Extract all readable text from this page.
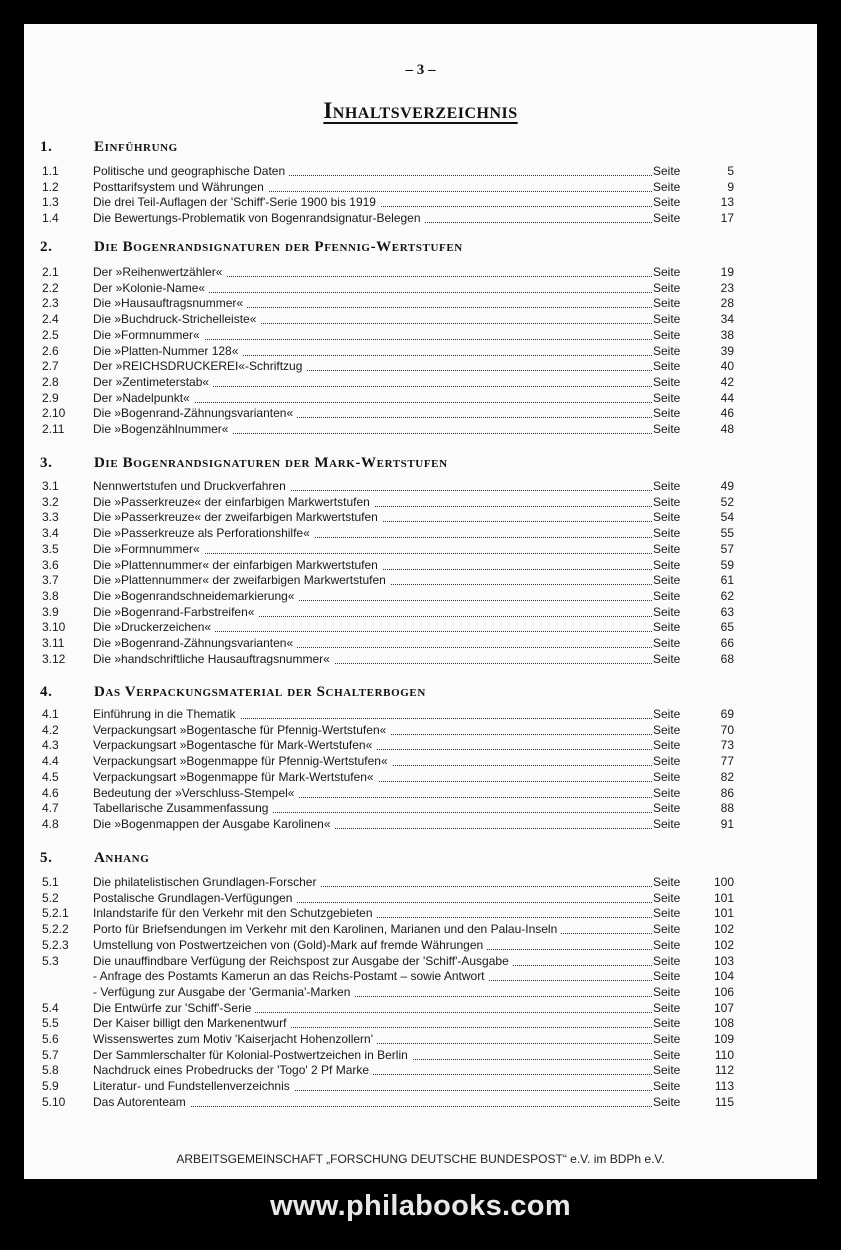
– 3 –
Inhaltsverzeichnis
1.	Einführung
1.1	Politische und geographische Daten	Seite	5
1.2	Posttarifsystem und Währungen	Seite	9
1.3	Die drei Teil-Auflagen der 'Schiff'-Serie 1900 bis 1919	Seite	13
1.4	Die Bewertungs-Problematik von Bogenrandsignatur-Belegen	Seite	17
2.	Die Bogenrandsignaturen der Pfennig-Wertstufen
2.1	Der »Reihenwertzähler«	Seite	19
2.2	Der »Kolonie-Name«	Seite	23
2.3	Die »Hausauftragsnummer«	Seite	28
2.4	Die »Buchdruck-Strichelleiste«	Seite	34
2.5	Die »Formnummer«	Seite	38
2.6	Die »Platten-Nummer 128«	Seite	39
2.7	Der »REICHSDRUCKEREI«-Schriftzug	Seite	40
2.8	Der »Zentimeterstab«	Seite	42
2.9	Der »Nadelpunkt«	Seite	44
2.10	Die »Bogenrand-Zähnungsvarianten«	Seite	46
2.11	Die »Bogenzählnummer«	Seite	48
3.	Die Bogenrandsignaturen der Mark-Wertstufen
3.1	Nennwertstufen und Druckverfahren	Seite	49
3.2	Die »Passerkreuze« der einfarbigen Markwertstufen	Seite	52
3.3	Die »Passerkreuze« der zweifarbigen Markwertstufen	Seite	54
3.4	Die »Passerkreuze als Perforationshilfe«	Seite	55
3.5	Die »Formnummer«	Seite	57
3.6	Die »Plattennummer« der einfarbigen Markwertstufen	Seite	59
3.7	Die »Plattennummer« der zweifarbigen Markwertstufen	Seite	61
3.8	Die »Bogenrandschneidemarkierung«	Seite	62
3.9	Die »Bogenrand-Farbstreifen«	Seite	63
3.10	Die »Druckerzeichen«	Seite	65
3.11	Die »Bogenrand-Zähnungsvarianten«	Seite	66
3.12	Die »handschriftliche Hausauftragsnummer«	Seite	68
4.	Das Verpackungsmaterial der Schalterbogen
4.1	Einführung in die Thematik	Seite	69
4.2	Verpackungsart »Bogentasche für Pfennig-Wertstufen«	Seite	70
4.3	Verpackungsart »Bogentasche für Mark-Wertstufen«	Seite	73
4.4	Verpackungsart »Bogenmappe für Pfennig-Wertstufen«	Seite	77
4.5	Verpackungsart »Bogenmappe für Mark-Wertstufen«	Seite	82
4.6	Bedeutung der »Verschluss-Stempel«	Seite	86
4.7	Tabellarische Zusammenfassung	Seite	88
4.8	Die »Bogenmappen der Ausgabe Karolinen«	Seite	91
5.	Anhang
5.1	Die philatelistischen Grundlagen-Forscher	Seite	100
5.2	Postalische Grundlagen-Verfügungen	Seite	101
5.2.1	Inlandstarife für den Verkehr mit den Schutzgebieten	Seite	101
5.2.2	Porto für Briefsendungen im Verkehr mit den Karolinen, Marianen und den Palau-Inseln	Seite	102
5.2.3	Umstellung von Postwertzeichen von (Gold)-Mark auf fremde Währungen	Seite	102
5.3	Die unauffindbare Verfügung der Reichspost zur Ausgabe der 'Schiff'-Ausgabe	Seite	103
- Anfrage des Postamts Kamerun an das Reichs-Postamt – sowie Antwort	Seite	104
- Verfügung zur Ausgabe der 'Germania'-Marken	Seite	106
5.4	Die Entwürfe zur 'Schiff'-Serie	Seite	107
5.5	Der Kaiser billigt den Markenentwurf	Seite	108
5.6	Wissenswertes zum Motiv 'Kaiserjacht Hohenzollern'	Seite	109
5.7	Der Sammlerschalter für Kolonial-Postwertzeichen in Berlin	Seite	110
5.8	Nachdruck eines Probedrucks der 'Togo' 2 Pf Marke	Seite	112
5.9	Literatur- und Fundstellenverzeichnis	Seite	113
5.10	Das Autorenteam	Seite	115
ARBEITSGEMEINSCHAFT „FORSCHUNG DEUTSCHE BUNDESPOST“ e.V. im BDPh e.V.
www.philabooks.com
